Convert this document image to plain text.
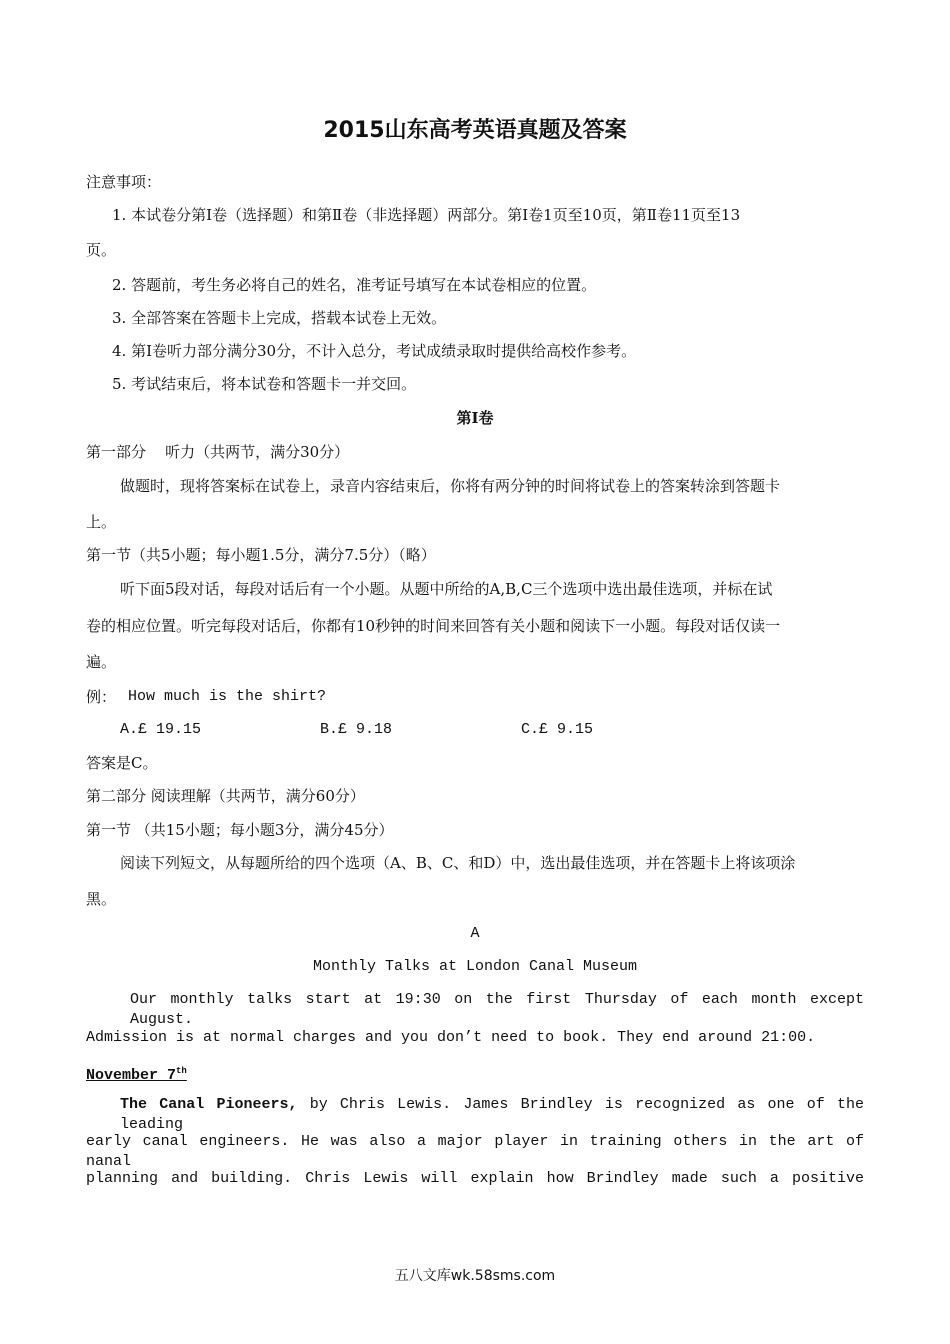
2015山东高考英语真题及答案
注意事项：
1. 本试卷分第Ⅰ卷（选择题）和第Ⅱ卷（非选择题）两部分。第Ⅰ卷1页至10页，第Ⅱ卷11页至13
页。
2. 答题前，考生务必将自己的姓名，准考证号填写在本试卷相应的位置。
3. 全部答案在答题卡上完成，搭载本试卷上无效。
4. 第Ⅰ卷听力部分满分30分，不计入总分，考试成绩录取时提供给高校作参考。
5. 考试结束后，将本试卷和答题卡一并交回。
第Ⅰ卷
第一部分    听力（共两节，满分30分）
做题时，现将答案标在试卷上，录音内容结束后，你将有两分钟的时间将试卷上的答案转涂到答题卡
上。
第一节（共5小题；每小题1.5分，满分7.5分）（略）
听下面5段对话，每段对话后有一个小题。从题中所给的A,B,C三个选项中选出最佳选项，并标在试
卷的相应位置。听完每段对话后，你都有10秒钟的时间来回答有关小题和阅读下一小题。每段对话仅读一
遍。
例： How much is the shirt?
A.£ 19.15	B.£ 9.18	C.£ 9.15
答案是C。
第二部分 阅读理解（共两节，满分60分）
第一节 （共15小题；每小题3分，满分45分）
阅读下列短文，从每题所给的四个选项（A、B、C、和D）中，选出最佳选项，并在答题卡上将该项涂
黑。
A
Monthly Talks at London Canal Museum
Our monthly talks start at 19:30 on the first Thursday of each month except August.
Admission is at normal charges and you don’t need to book. They end around 21:00.
November 7th
The Canal Pioneers, by Chris Lewis. James Brindley is recognized as one of the leading
early canal engineers. He was also a major player in training others in the art of nanal
planning and building. Chris Lewis will explain how Brindley made such a positive
五八文库wk.58sms.com
